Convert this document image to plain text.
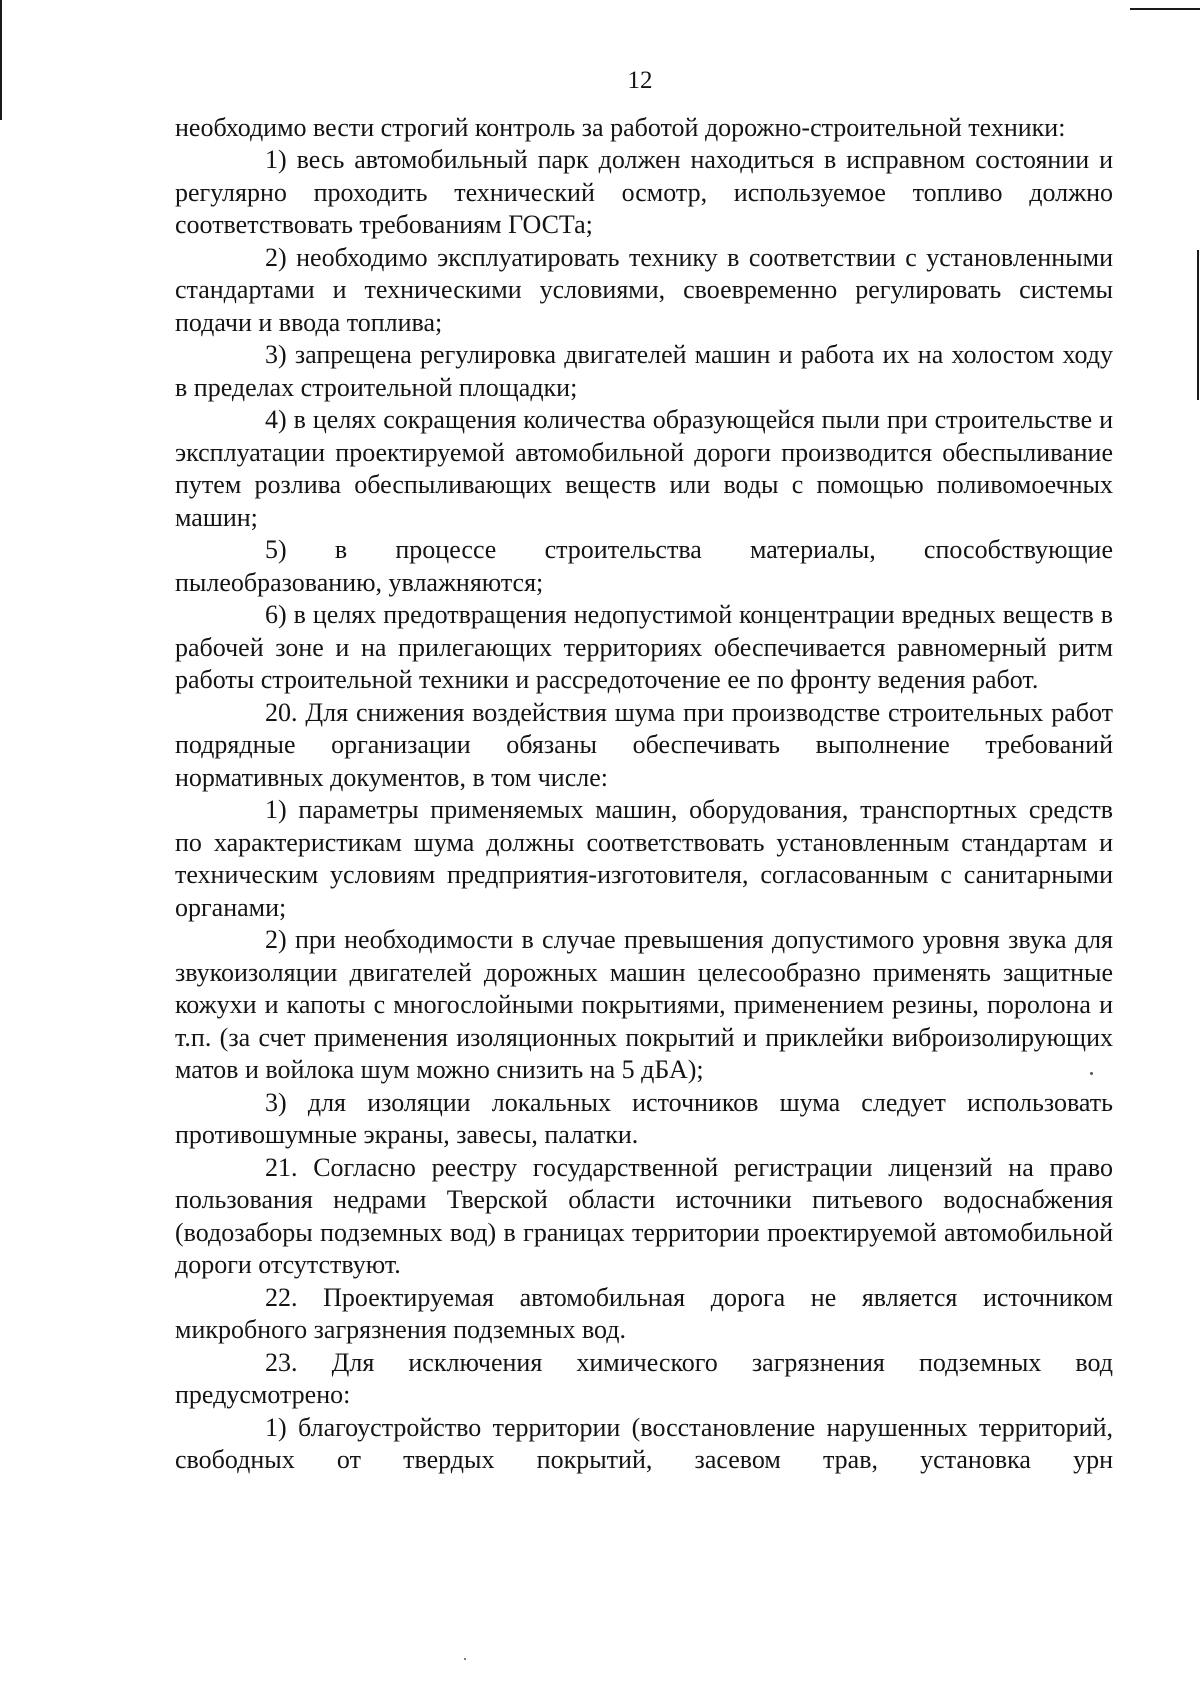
12

необходимо вести строгий контроль за работой дорожно-строительной техники:

1) весь автомобильный парк должен находиться в исправном состоянии и регулярно проходить технический осмотр, используемое топливо должно соответствовать требованиям ГОСТа;

2) необходимо эксплуатировать технику в соответствии с установленными стандартами и техническими условиями, своевременно регулировать системы подачи и ввода топлива;

3) запрещена регулировка двигателей машин и работа их на холостом ходу в пределах строительной площадки;

4) в целях сокращения количества образующейся пыли при строительстве и эксплуатации проектируемой автомобильной дороги производится обеспыливание путем розлива обеспыливающих веществ или воды с помощью поливомоечных машин;

5) в процессе строительства материалы, способствующие пылеобразованию, увлажняются;

6) в целях предотвращения недопустимой концентрации вредных веществ в рабочей зоне и на прилегающих территориях обеспечивается равномерный ритм работы строительной техники и рассредоточение ее по фронту ведения работ.

20. Для снижения воздействия шума при производстве строительных работ подрядные организации обязаны обеспечивать выполнение требований нормативных документов, в том числе:

1) параметры применяемых машин, оборудования, транспортных средств по характеристикам шума должны соответствовать установленным стандартам и техническим условиям предприятия-изготовителя, согласованным с санитарными органами;

2) при необходимости в случае превышения допустимого уровня звука для звукоизоляции двигателей дорожных машин целесообразно применять защитные кожухи и капоты с многослойными покрытиями, применением резины, поролона и т.п. (за счет применения изоляционных покрытий и приклейки виброизолирующих матов и войлока шум можно снизить на 5 дБА);

3) для изоляции локальных источников шума следует использовать противошумные экраны, завесы, палатки.

21. Согласно реестру государственной регистрации лицензий на право пользования недрами Тверской области источники питьевого водоснабжения (водозаборы подземных вод) в границах территории проектируемой автомобильной дороги отсутствуют.

22. Проектируемая автомобильная дорога не является источником микробного загрязнения подземных вод.

23. Для исключения химического загрязнения подземных вод предусмотрено:

1) благоустройство территории (восстановление нарушенных территорий, свободных от твердых покрытий, засевом трав, установка урн
